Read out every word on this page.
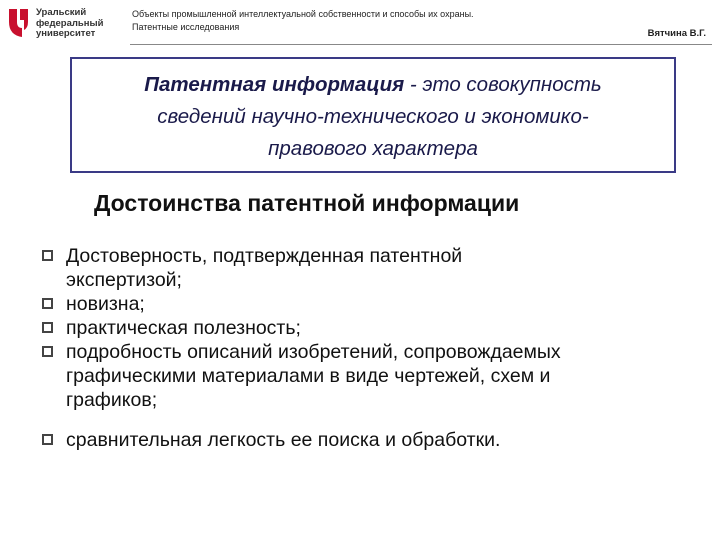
Уральский
федеральный
университет
Объекты промышленной интеллектуальной собственности и способы их охраны.
Патентные исследования
Вятчина В.Г.
Патентная информация - это совокупность
сведений научно-технического и экономико-
правового характера
Достоинства патентной информации
Достоверность, подтвержденная патентной
экспертизой;
новизна;
практическая полезность;
подробность описаний изобретений, сопровождаемых
графическими материалами в виде чертежей, схем и
графиков;
сравнительная легкость ее поиска и обработки.
